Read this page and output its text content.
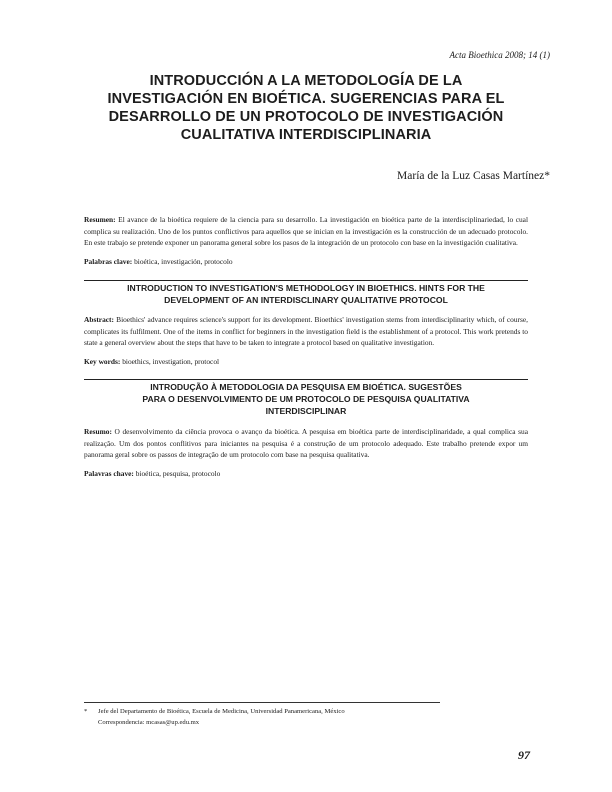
Acta Bioethica 2008; 14 (1)
INTRODUCCIÓN A LA METODOLOGÍA DE LA
INVESTIGACIÓN EN BIOÉTICA. SUGERENCIAS PARA EL
DESARROLLO DE UN PROTOCOLO DE INVESTIGACIÓN
CUALITATIVA INTERDISCIPLINARIA

María de la Luz Casas Martínez*

Resumen: El avance de la bioética requiere de la ciencia para su desarrollo. La investigación en bioética parte de la interdisciplinariedad, lo cual complica su realización. Uno de los puntos conflictivos para aquellos que se inician en la investigación es la construcción de un adecuado protocolo. En este trabajo se pretende exponer un panorama general sobre los pasos de la integración de un protocolo con base en la investigación cualitativa.

Palabras clave: bioética, investigación, protocolo

INTRODUCTION TO INVESTIGATION'S METHODOLOGY IN BIOETHICS. HINTS FOR THE
DEVELOPMENT OF AN INTERDISCLINARY QUALITATIVE PROTOCOL

Abstract: Bioethics' advance requires science's support for its development. Bioethics' investigation stems from interdisciplinarity which, of course, complicates its fulfilment. One of the items in conflict for beginners in the investigation field is the establishment of a protocol. This work pretends to state a general overview about the steps that have to be taken to integrate a protocol based on qualitative investigation.

Key words: bioethics, investigation, protocol

INTRODUÇÃO À METODOLOGIA DA PESQUISA EM BIOÉTICA. SUGESTÕES
PARA O DESENVOLVIMENTO DE UM PROTOCOLO DE PESQUISA QUALITATIVA
INTERDISCIPLINAR

Resumo: O desenvolvimento da ciência provoca o avanço da bioética. A pesquisa em bioética parte de interdisciplinaridade, a qual complica sua realização. Um dos pontos conflitivos para iniciantes na pesquisa é a construção de um protocolo adequado. Este trabalho pretende expor um panorama geral sobre os passos de integração de um protocolo com base na pesquisa qualitativa.

Palavras chave: bioética, pesquisa, protocolo

* Jefe del Departamento de Bioética, Escuela de Medicina, Universidad Panamericana, México
Correspondencia: mcasas@up.edu.mx
97
